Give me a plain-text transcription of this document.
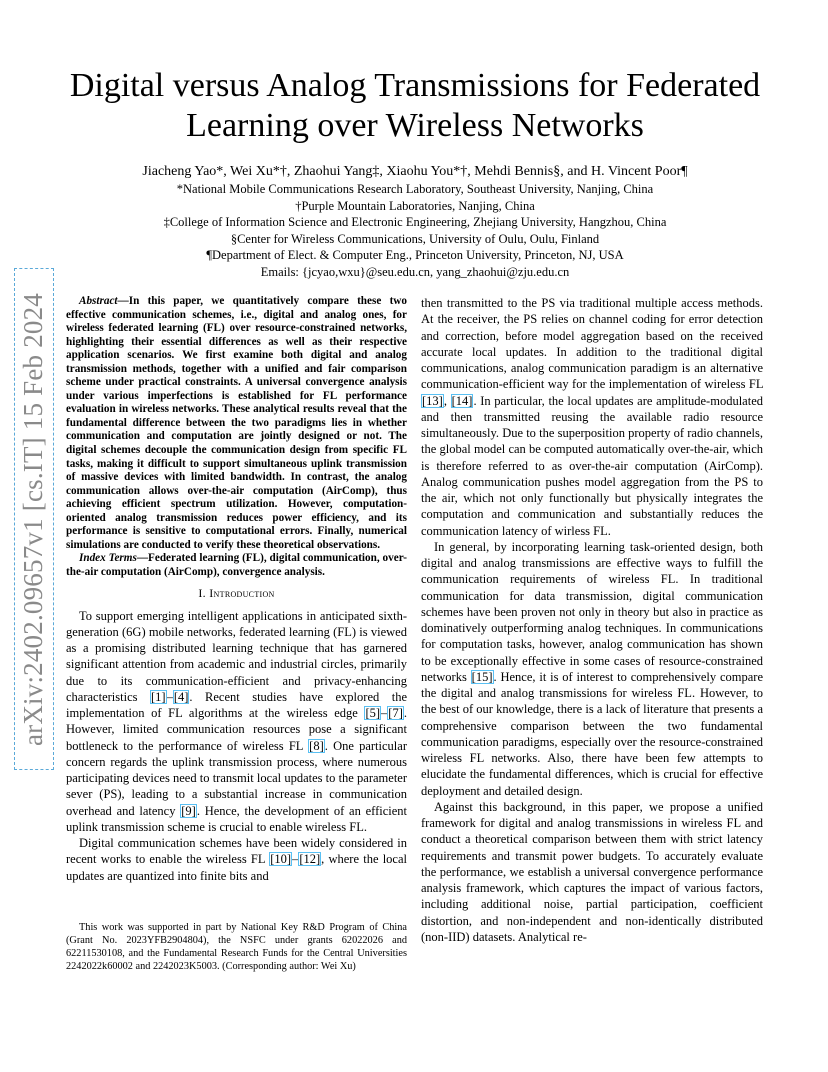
arXiv:2402.09657v1 [cs.IT] 15 Feb 2024
Digital versus Analog Transmissions for Federated
Learning over Wireless Networks
Jiacheng Yao*, Wei Xu*†, Zhaohui Yang‡, Xiaohu You*†, Mehdi Bennis§, and H. Vincent Poor¶
*National Mobile Communications Research Laboratory, Southeast University, Nanjing, China
†Purple Mountain Laboratories, Nanjing, China
‡College of Information Science and Electronic Engineering, Zhejiang University, Hangzhou, China
§Center for Wireless Communications, University of Oulu, Oulu, Finland
¶Department of Elect. & Computer Eng., Princeton University, Princeton, NJ, USA
Emails: {jcyao,wxu}@seu.edu.cn, yang_zhaohui@zju.edu.cn

Abstract—In this paper, we quantitatively compare these two effective communication schemes, i.e., digital and analog ones, for wireless federated learning (FL) over resource-constrained networks, highlighting their essential differences as well as their respective application scenarios. We first examine both digital and analog transmission methods, together with a unified and fair comparison scheme under practical constraints. A universal convergence analysis under various imperfections is established for FL performance evaluation in wireless networks. These analytical results reveal that the fundamental difference between the two paradigms lies in whether communication and computation are jointly designed or not. The digital schemes decouple the communication design from specific FL tasks, making it difficult to support simultaneous uplink transmission of massive devices with limited bandwidth. In contrast, the analog communication allows over-the-air computation (AirComp), thus achieving efficient spectrum utilization. However, computation-oriented analog transmission reduces power efficiency, and its performance is sensitive to computational errors. Finally, numerical simulations are conducted to verify these theoretical observations.

Index Terms—Federated learning (FL), digital communication, over-the-air computation (AirComp), convergence analysis.

I. Introduction

To support emerging intelligent applications in anticipated sixth-generation (6G) mobile networks, federated learning (FL) is viewed as a promising distributed learning technique that has garnered significant attention from academic and industrial circles, primarily due to its communication-efficient and privacy-enhancing characteristics [1]–[4]. Recent studies have explored the implementation of FL algorithms at the wireless edge [5]–[7]. However, limited communication resources pose a significant bottleneck to the performance of wireless FL [8]. One particular concern regards the uplink transmission process, where numerous participating devices need to transmit local updates to the parameter sever (PS), leading to a substantial increase in communication overhead and latency [9]. Hence, the development of an efficient uplink transmission scheme is crucial to enable wireless FL.

Digital communication schemes have been widely considered in recent works to enable the wireless FL [10]–[12], where the local updates are quantized into finite bits and

This work was supported in part by National Key R&D Program of China (Grant No. 2023YFB2904804), the NSFC under grants 62022026 and 62211530108, and the Fundamental Research Funds for the Central Universities 2242022k60002 and 2242023K5003. (Corresponding author: Wei Xu)

then transmitted to the PS via traditional multiple access methods. At the receiver, the PS relies on channel coding for error detection and correction, before model aggregation based on the received accurate local updates. In addition to the traditional digital communications, analog communication paradigm is an alternative communication-efficient way for the implementation of wireless FL [13], [14]. In particular, the local updates are amplitude-modulated and then transmitted reusing the available radio resource simultaneously. Due to the superposition property of radio channels, the global model can be computed automatically over-the-air, which is therefore referred to as over-the-air computation (AirComp). Analog communication pushes model aggregation from the PS to the air, which not only functionally but physically integrates the computation and communication and substantially reduces the communication latency of wirless FL.

In general, by incorporating learning task-oriented design, both digital and analog transmissions are effective ways to fulfill the communication requirements of wireless FL. In traditional communication for data transmission, digital communication schemes have been proven not only in theory but also in practice as dominatively outperforming analog techniques. In communications for computation tasks, however, analog communication has shown to be exceptionally effective in some cases of resource-constrained networks [15]. Hence, it is of interest to comprehensively compare the digital and analog transmissions for wireless FL. However, to the best of our knowledge, there is a lack of literature that presents a comprehensive comparison between the two fundamental communication paradigms, especially over the resource-constrained wireless FL networks. Also, there have been few attempts to elucidate the fundamental differences, which is crucial for effective deployment and detailed design.

Against this background, in this paper, we propose a unified framework for digital and analog transmissions in wireless FL and conduct a theoretical comparison between them with strict latency requirements and transmit power budgets. To accurately evaluate the performance, we establish a universal convergence performance analysis framework, which captures the impact of various factors, including additional noise, partial participation, coefficient distortion, and non-independent and non-identically distributed (non-IID) datasets. Analytical re-
